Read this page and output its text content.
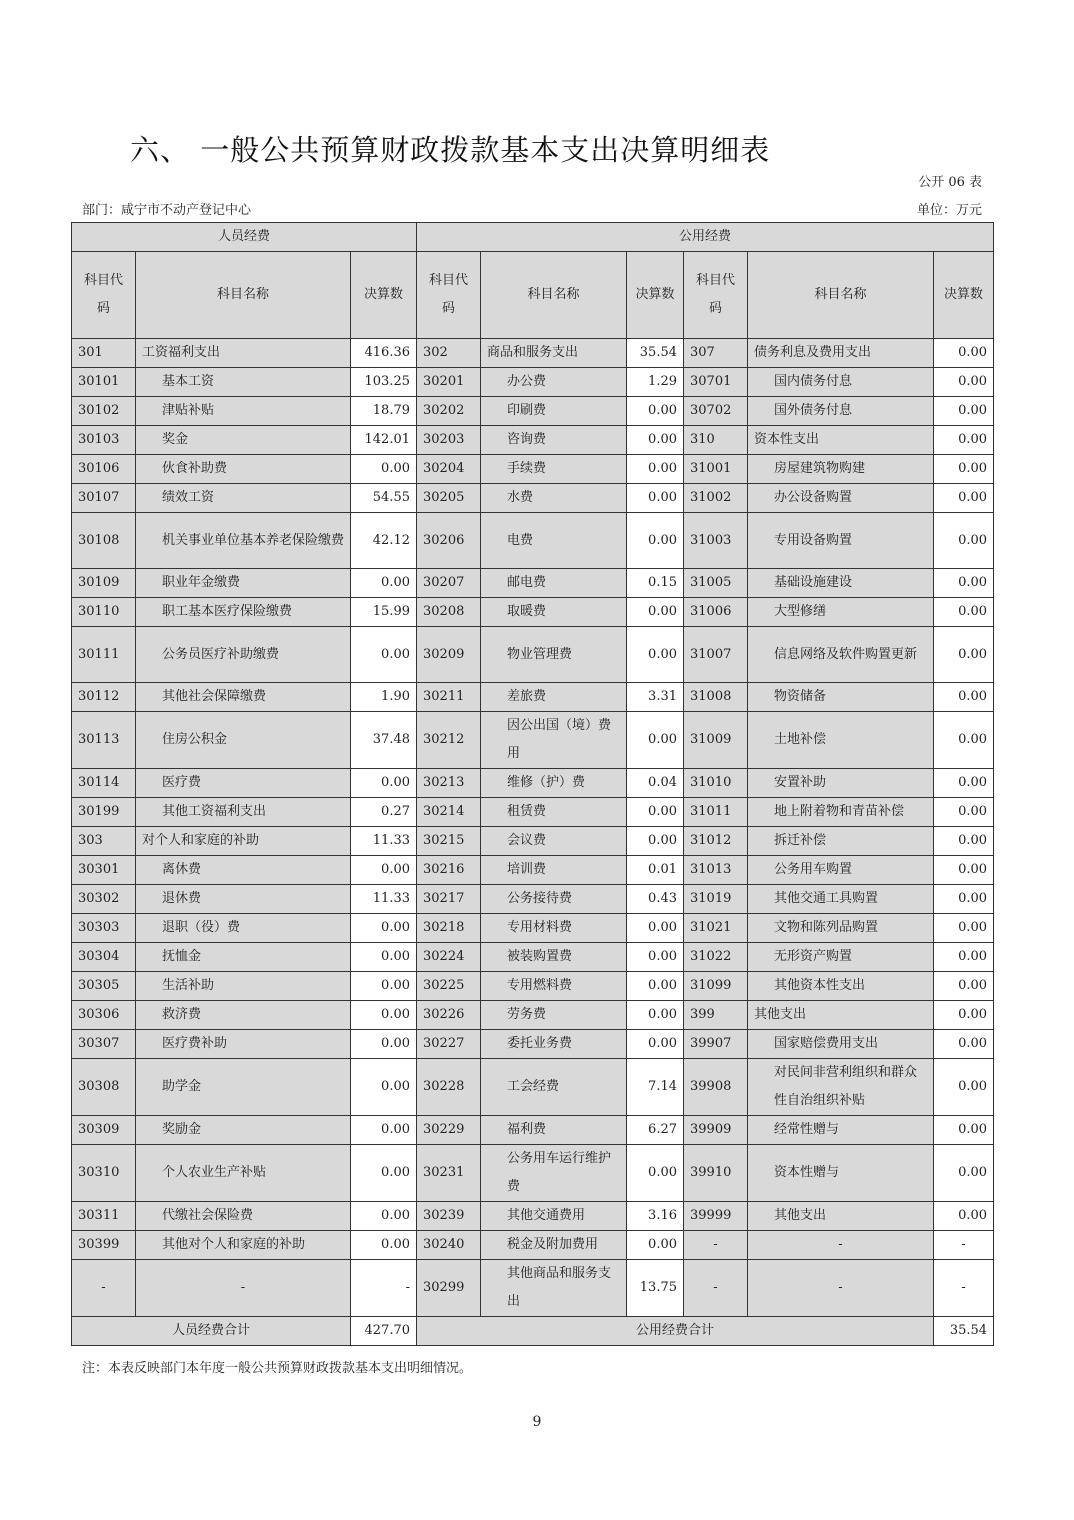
六、 一般公共预算财政拨款基本支出决算明细表
公开 06 表
部门：咸宁市不动产登记中心	单位：万元
人员经费			公用经费					
科目代码	科目名称	决算数	科目代码	科目名称	决算数	科目代码	科目名称	决算数
301	工资福利支出	416.36	302	商品和服务支出	35.54	307	债务利息及费用支出	0.00
30101	基本工资	103.25	30201	办公费	1.29	30701	国内债务付息	0.00
30102	津贴补贴	18.79	30202	印刷费	0.00	30702	国外债务付息	0.00
30103	奖金	142.01	30203	咨询费	0.00	310	资本性支出	0.00
30106	伙食补助费	0.00	30204	手续费	0.00	31001	房屋建筑物购建	0.00
30107	绩效工资	54.55	30205	水费	0.00	31002	办公设备购置	0.00
30108	机关事业单位基本养老保险缴费	42.12	30206	电费	0.00	31003	专用设备购置	0.00
30109	职业年金缴费	0.00	30207	邮电费	0.15	31005	基础设施建设	0.00
30110	职工基本医疗保险缴费	15.99	30208	取暖费	0.00	31006	大型修缮	0.00
30111	公务员医疗补助缴费	0.00	30209	物业管理费	0.00	31007	信息网络及软件购置更新	0.00
30112	其他社会保障缴费	1.90	30211	差旅费	3.31	31008	物资储备	0.00
30113	住房公积金	37.48	30212	因公出国（境）费用	0.00	31009	土地补偿	0.00
30114	医疗费	0.00	30213	维修（护）费	0.04	31010	安置补助	0.00
30199	其他工资福利支出	0.27	30214	租赁费	0.00	31011	地上附着物和青苗补偿	0.00
303	对个人和家庭的补助	11.33	30215	会议费	0.00	31012	拆迁补偿	0.00
30301	离休费	0.00	30216	培训费	0.01	31013	公务用车购置	0.00
30302	退休费	11.33	30217	公务接待费	0.43	31019	其他交通工具购置	0.00
30303	退职（役）费	0.00	30218	专用材料费	0.00	31021	文物和陈列品购置	0.00
30304	抚恤金	0.00	30224	被装购置费	0.00	31022	无形资产购置	0.00
30305	生活补助	0.00	30225	专用燃料费	0.00	31099	其他资本性支出	0.00
30306	救济费	0.00	30226	劳务费	0.00	399	其他支出	0.00
30307	医疗费补助	0.00	30227	委托业务费	0.00	39907	国家赔偿费用支出	0.00
30308	助学金	0.00	30228	工会经费	7.14	39908	对民间非营利组织和群众性自治组织补贴	0.00
30309	奖励金	0.00	30229	福利费	6.27	39909	经常性赠与	0.00
30310	个人农业生产补贴	0.00	30231	公务用车运行维护费	0.00	39910	资本性赠与	0.00
30311	代缴社会保险费	0.00	30239	其他交通费用	3.16	39999	其他支出	0.00
30399	其他对个人和家庭的补助	0.00	30240	税金及附加费用	0.00	-	-	-
-	-	-	30299	其他商品和服务支出	13.75	-	-	-
人员经费合计		427.70	公用经费合计					35.54
注：本表反映部门本年度一般公共预算财政拨款基本支出明细情况。
9
